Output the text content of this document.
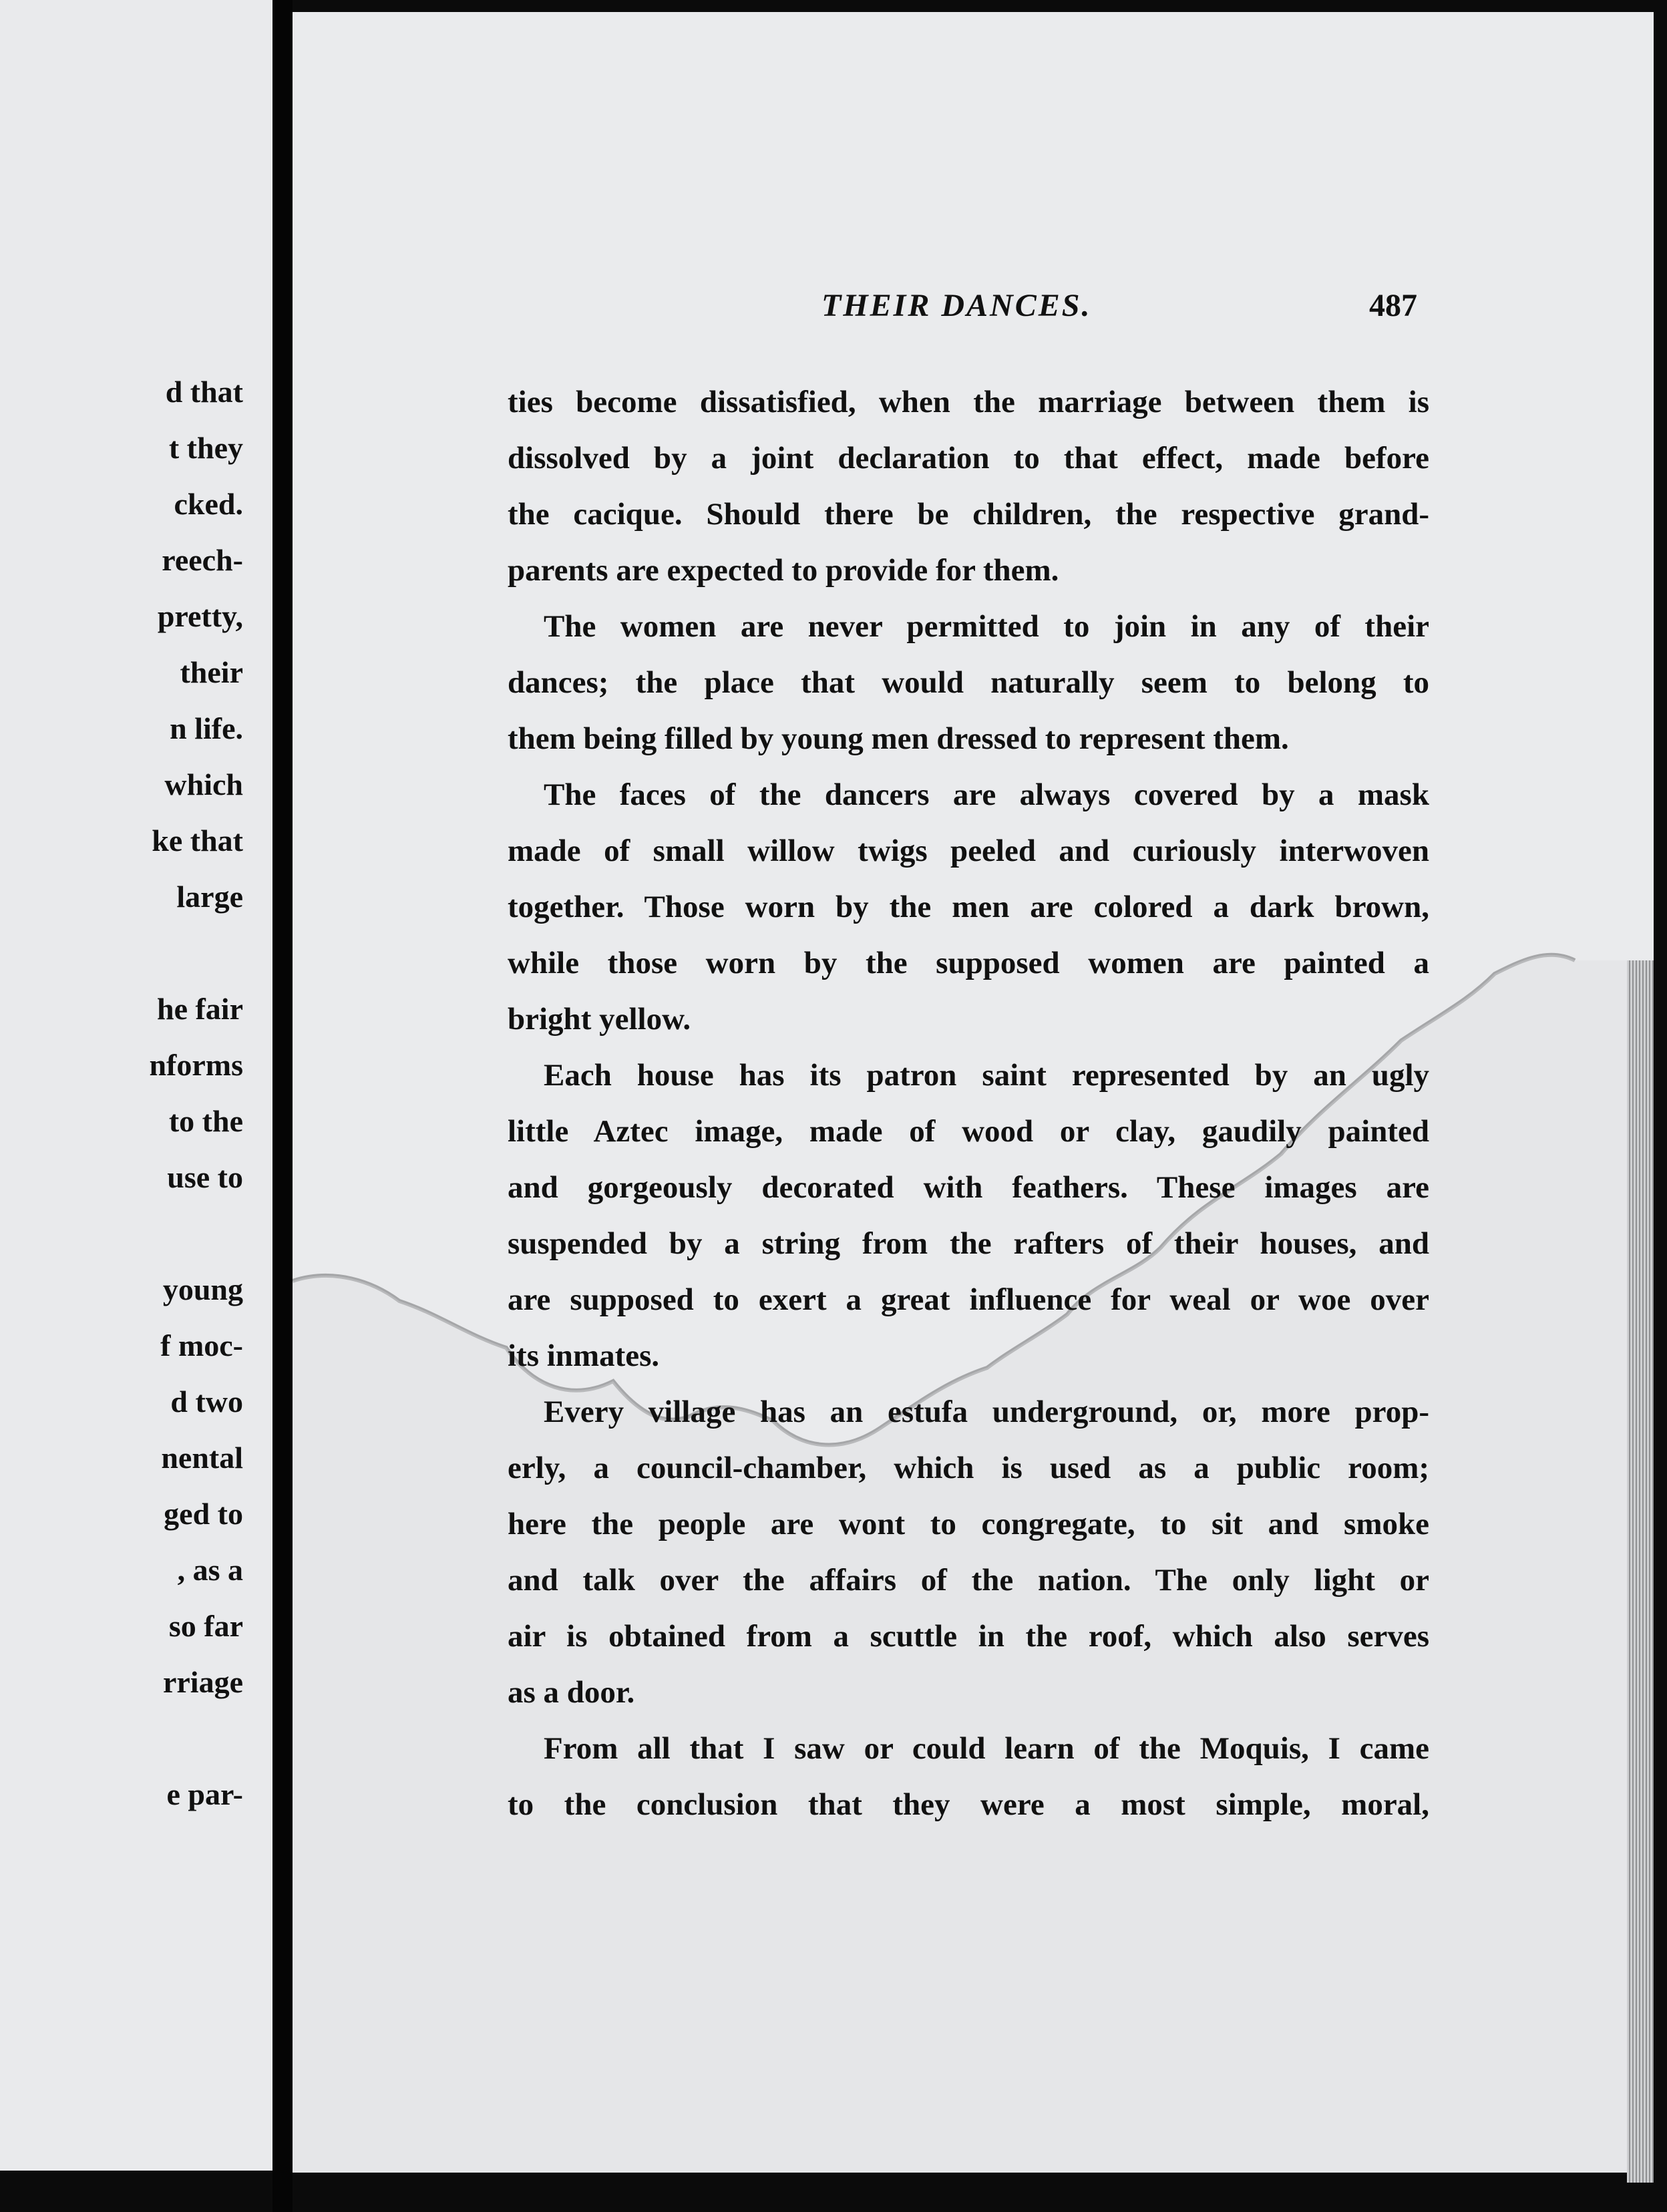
d that
t they
cked.
reech-
pretty,
their
n life.
which
ke that
large
he fair
nforms
to the
use to
young
f moc-
d two
nental
ged to
, as a
so far
rriage
e par-
THEIR DANCES.	487
ties become dissatisfied, when the marriage between them is
dissolved by a joint declaration to that effect, made before
the cacique. Should there be children, the respective grand-
parents are expected to provide for them.
The women are never permitted to join in any of their
dances; the place that would naturally seem to belong to
them being filled by young men dressed to represent them.
The faces of the dancers are always covered by a mask
made of small willow twigs peeled and curiously interwoven
together. Those worn by the men are colored a dark brown,
while those worn by the supposed women are painted a
bright yellow.
Each house has its patron saint represented by an ugly
little Aztec image, made of wood or clay, gaudily painted
and gorgeously decorated with feathers. These images are
suspended by a string from the rafters of their houses, and
are supposed to exert a great influence for weal or woe over
its inmates.
Every village has an estufa underground, or, more prop-
erly, a council-chamber, which is used as a public room;
here the people are wont to congregate, to sit and smoke
and talk over the affairs of the nation. The only light or
air is obtained from a scuttle in the roof, which also serves
as a door.
From all that I saw or could learn of the Moquis, I came
to the conclusion that they were a most simple, moral,
